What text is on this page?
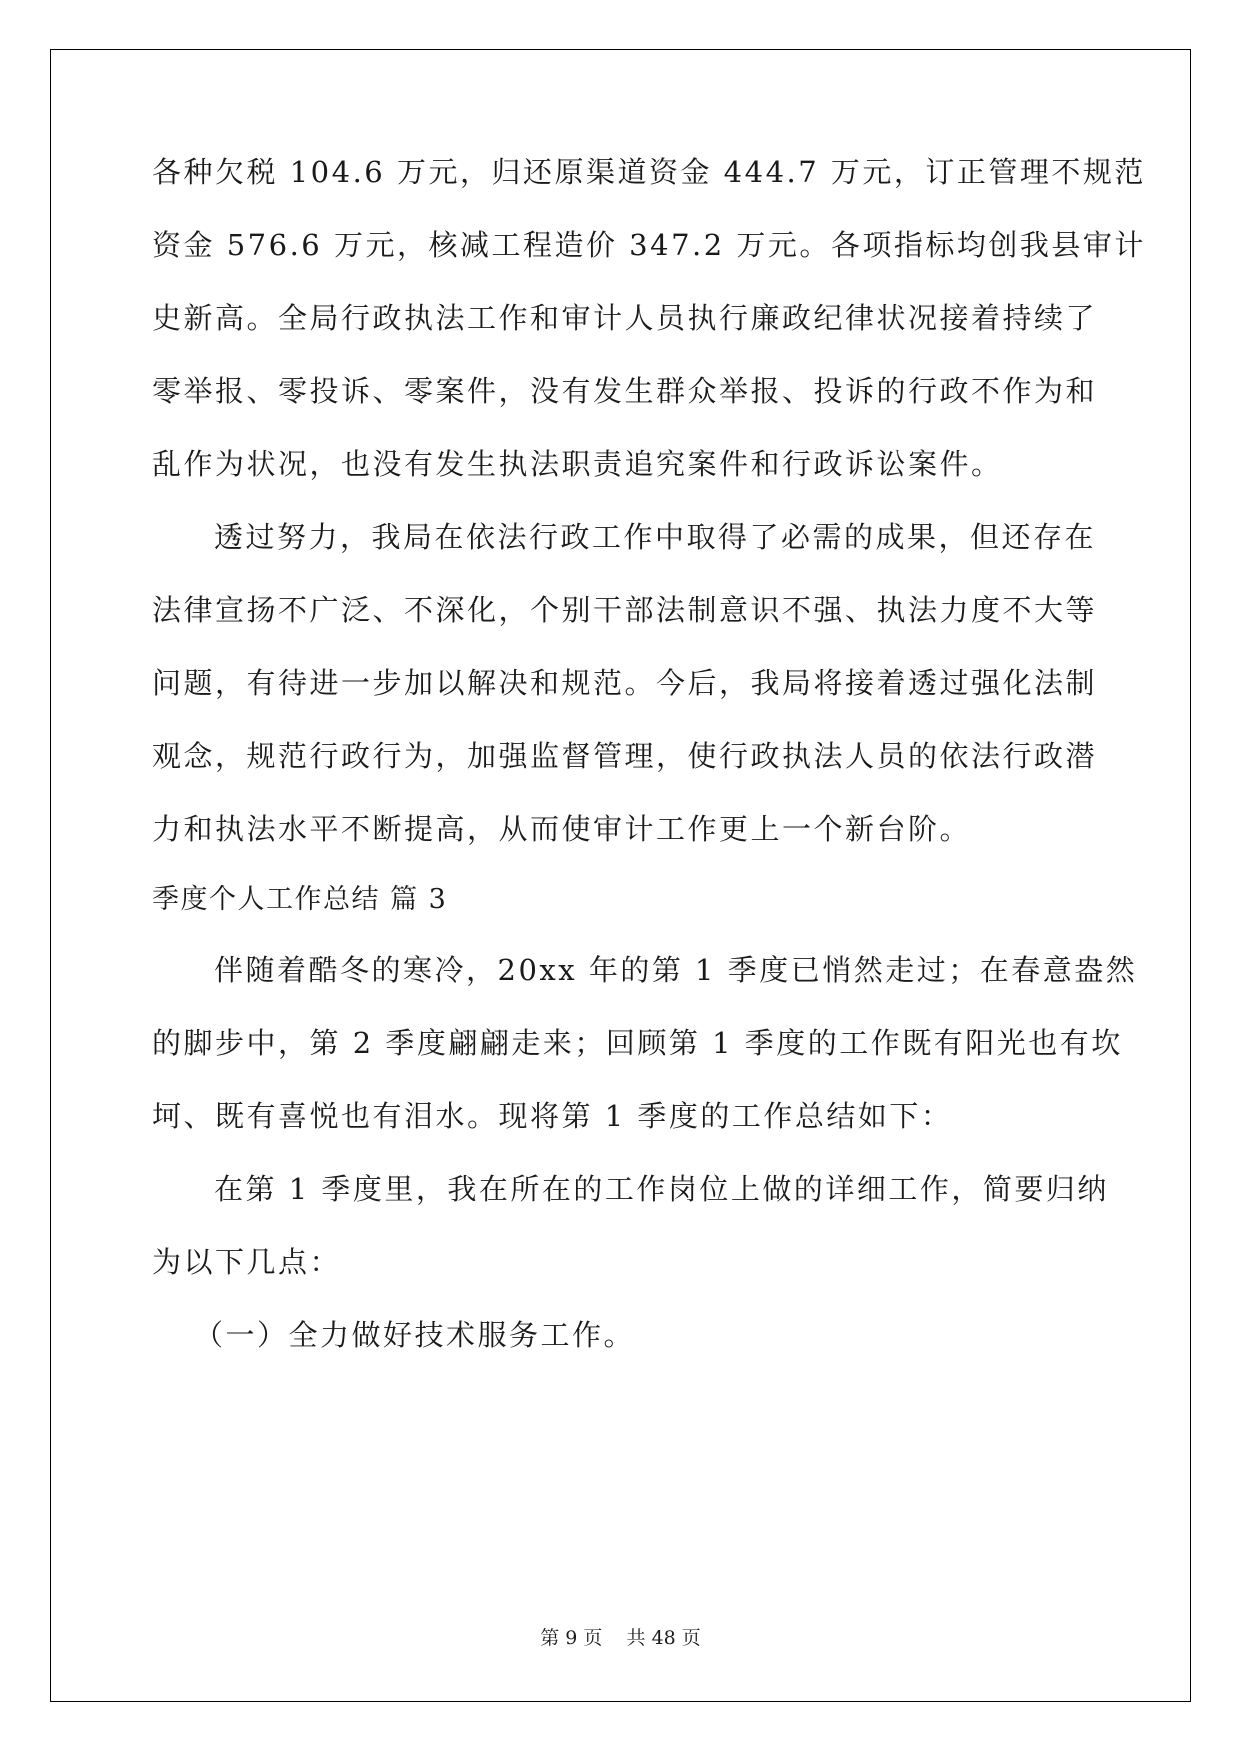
各种欠税 104.6 万元，归还原渠道资金 444.7 万元，订正管理不规范
资金 576.6 万元，核减工程造价 347.2 万元。各项指标均创我县审计
史新高。全局行政执法工作和审计人员执行廉政纪律状况接着持续了
零举报、零投诉、零案件，没有发生群众举报、投诉的行政不作为和
乱作为状况，也没有发生执法职责追究案件和行政诉讼案件。
透过努力，我局在依法行政工作中取得了必需的成果，但还存在
法律宣扬不广泛、不深化，个别干部法制意识不强、执法力度不大等
问题，有待进一步加以解决和规范。今后，我局将接着透过强化法制
观念，规范行政行为，加强监督管理，使行政执法人员的依法行政潜
力和执法水平不断提高，从而使审计工作更上一个新台阶。
季度个人工作总结 篇 3
伴随着酷冬的寒冷，20xx 年的第 1 季度已悄然走过；在春意盎然
的脚步中，第 2 季度翩翩走来；回顾第 1 季度的工作既有阳光也有坎
坷、既有喜悦也有泪水。现将第 1 季度的工作总结如下：
在第 1 季度里，我在所在的工作岗位上做的详细工作，简要归纳
为以下几点：
（一）全力做好技术服务工作。
第 9 页 共 48 页
